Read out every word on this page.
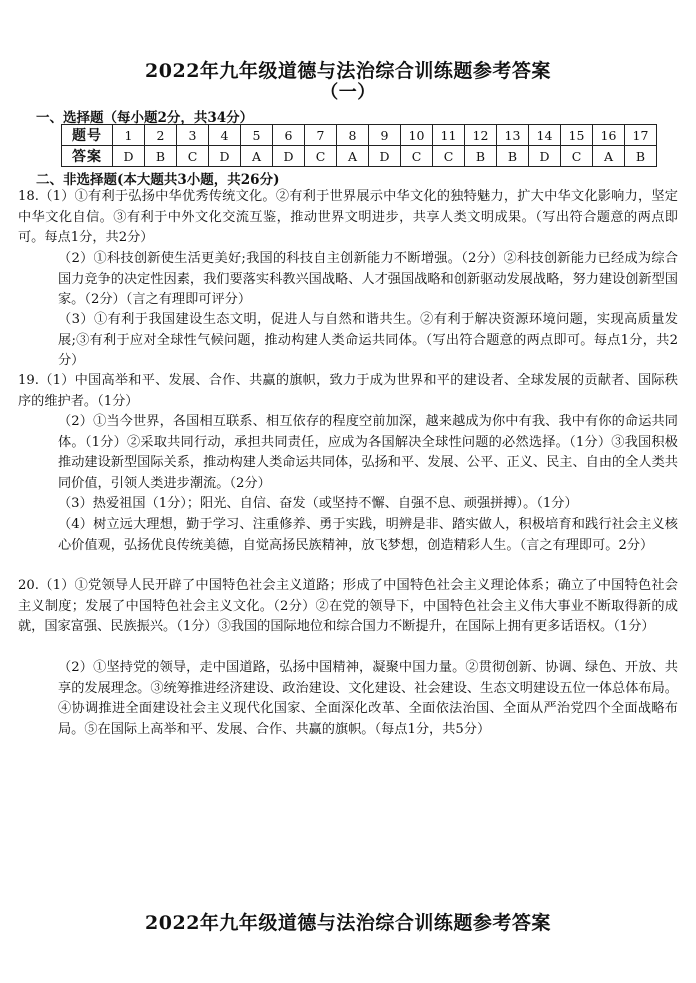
2022年九年级道德与法治综合训练题参考答案
（一）
一、选择题（每小题2分，共34分）
题号	1	2	3	4	5	6	7	8	9	10	11	12	13	14	15	16	17
答案	D	B	C	D	A	D	C	A	D	C	C	B	B	D	C	A	B
二、非选择题(本大题共3小题，共26分)
18.（1）①有利于弘扬中华优秀传统文化。②有利于世界展示中华文化的独特魅力，扩大中华文化影响力，坚定中华文化自信。③有利于中外文化交流互鉴，推动世界文明进步，共享人类文明成果。（写出符合题意的两点即可。每点1分，共2分）
（2）①科技创新使生活更美好;我国的科技自主创新能力不断增强。（2分）②科技创新能力已经成为综合国力竞争的决定性因素，我们要落实科教兴国战略、人才强国战略和创新驱动发展战略，努力建设创新型国家。（2分）（言之有理即可评分）
（3）①有利于我国建设生态文明，促进人与自然和谐共生。②有利于解决资源环境问题，实现高质量发展;③有利于应对全球性气候问题，推动构建人类命运共同体。（写出符合题意的两点即可。每点1分，共2分）
19.（1）中国高举和平、发展、合作、共赢的旗帜，致力于成为世界和平的建设者、全球发展的贡献者、国际秩序的维护者。（1分）
（2）①当今世界，各国相互联系、相互依存的程度空前加深，越来越成为你中有我、我中有你的命运共同体。（1分）②采取共同行动，承担共同责任，应成为各国解决全球性问题的必然选择。（1分）③我国积极推动建设新型国际关系，推动构建人类命运共同体，弘扬和平、发展、公平、正义、民主、自由的全人类共同价值，引领人类进步潮流。（2分）
（3）热爱祖国（1分）；阳光、自信、奋发（或坚持不懈、自强不息、顽强拼搏）。（1分）
（4）树立远大理想，勤于学习、注重修养、勇于实践，明辨是非、踏实做人，积极培育和践行社会主义核心价值观，弘扬优良传统美德，自觉高扬民族精神，放飞梦想，创造精彩人生。（言之有理即可。2分）
20.（1）①党领导人民开辟了中国特色社会主义道路；形成了中国特色社会主义理论体系；确立了中国特色社会主义制度；发展了中国特色社会主义文化。（2分）②在党的领导下，中国特色社会主义伟大事业不断取得新的成就，国家富强、民族振兴。（1分）③我国的国际地位和综合国力不断提升，在国际上拥有更多话语权。（1分）
（2）①坚持党的领导，走中国道路，弘扬中国精神，凝聚中国力量。②贯彻创新、协调、绿色、开放、共享的发展理念。③统筹推进经济建设、政治建设、文化建设、社会建设、生态文明建设五位一体总体布局。④协调推进全面建设社会主义现代化国家、全面深化改革、全面依法治国、全面从严治党四个全面战略布局。⑤在国际上高举和平、发展、合作、共赢的旗帜。（每点1分，共5分）
2022年九年级道德与法治综合训练题参考答案
